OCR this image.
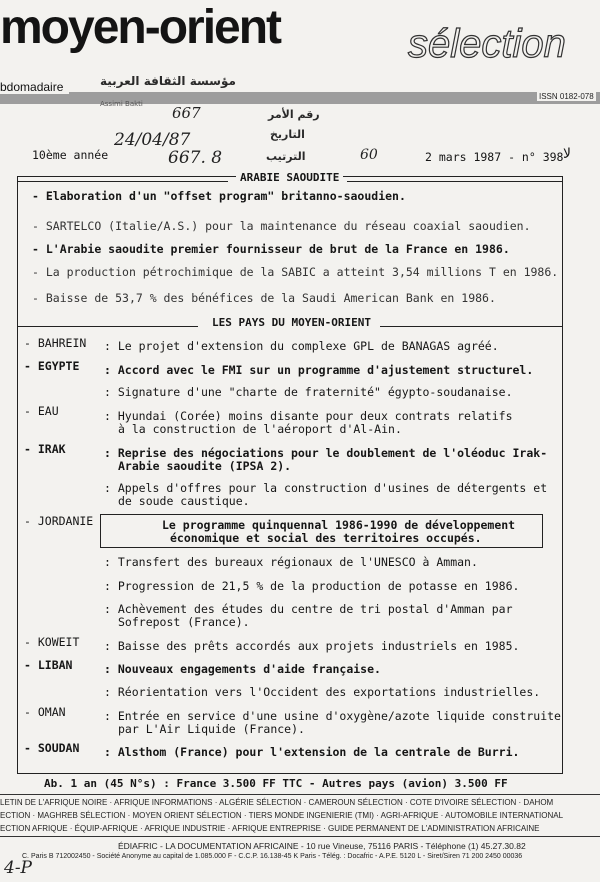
moyen-orient	sélection
bdomadaire
ISSN 0182-078
مؤسسة الثقافة العربية
Assimi Bakti 667
24/04/87
667. 8
رقم الأمر
التاريخ
الترتيب
10ème année	60	2 mars 1987 - n° 398 ﻟﺎ
ARABIE SAOUDITE
- Elaboration d'un "offset program" britanno-saoudien.
- SARTELCO (Italie/A.S.) pour la maintenance du réseau coaxial saoudien.
- L'Arabie saoudite premier fournisseur de brut de la France en 1986.
- La production pétrochimique de la SABIC a atteint 3,54 millions T en 1986.
- Baisse de 53,7 % des bénéfices de la Saudi American Bank en 1986.
LES PAYS DU MOYEN-ORIENT
- BAHREIN : Le projet d'extension du complexe GPL de BANAGAS agréé.
- EGYPTE : Accord avec le FMI sur un programme d'ajustement structurel.
: Signature d'une "charte de fraternité" égypto-soudanaise.
- EAU	: Hyundai (Corée) moins disante pour deux contrats relatifs
à la construction de l'aéroport d'Al-Ain.
- IRAK	: Reprise des négociations pour le doublement de l'oléoduc Irak-
Arabie saoudite (IPSA 2).
: Appels d'offres pour la construction d'usines de détergents et
de soude caustique.
- JORDANIE	Le programme quinquennal 1986-1990 de développement
économique et social des territoires occupés.
: Transfert des bureaux régionaux de l'UNESCO à Amman.
: Progression de 21,5 % de la production de potasse en 1986.
: Achèvement des études du centre de tri postal d'Amman par
Sofrepost (France).
- KOWEIT : Baisse des prêts accordés aux projets industriels en 1985.
- LIBAN	: Nouveaux engagements d'aide française.
: Réorientation vers l'Occident des exportations industrielles.
- OMAN	: Entrée en service d'une usine d'oxygène/azote liquide construite
par L'Air Liquide (France).
- SOUDAN : Alsthom (France) pour l'extension de la centrale de Burri.
Ab. 1 an (45 N°s) : France 3.500 FF TTC - Autres pays (avion) 3.500 FF
LETIN DE L'AFRIQUE NOIRE · AFRIQUE INFORMATIONS · ALGÉRIE SÉLECTION · CAMEROUN SÉLECTION · COTE D'IVOIRE SÉLECTION · DAHOM
ECTION · MAGHREB SÉLECTION · MOYEN ORIENT SÉLECTION · TIERS MONDE INGENIERIE (TMI) · AGRI-AFRIQUE · AUTOMOBILE INTERNATIONAL
ECTION AFRIQUE · ÉQUIP-AFRIQUE · AFRIQUE INDUSTRIE · AFRIQUE ENTREPRISE · GUIDE PERMANENT DE L'ADMINISTRATION AFRICAINE
ÉDIAFRIC - LA DOCUMENTATION AFRICAINE - 10 rue Vineuse, 75116 PARIS - Téléphone (1) 45.27.30.82
C. Paris B 712002450 - Société Anonyme au capital de 1.085.000 F - C.C.P. 16.138-45 K Paris - Télég. : Docafric - A.P.E. 5120 L - Siret/Siren 71 200 2450 00036
4-P
